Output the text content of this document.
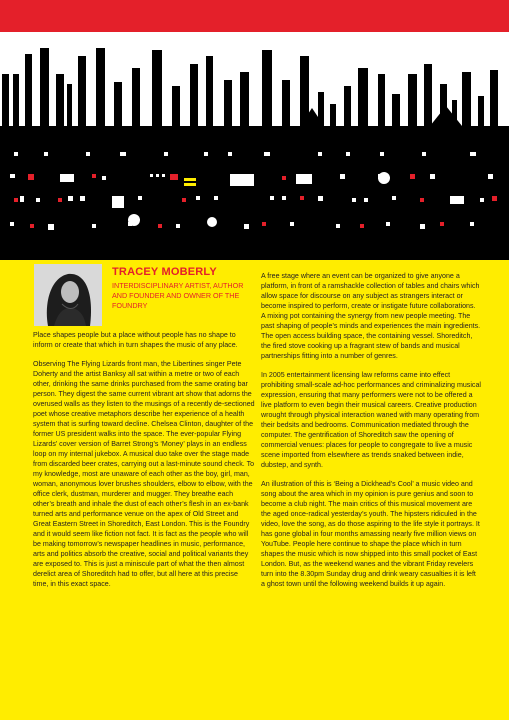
TRACEY MOBERLY
INTERDISCIPLINARY ARTIST, AUTHOR AND FOUNDER AND OWNER OF THE FOUNDRY

Place shapes people but a place without people has no shape to inform or create that which in turn shapes the music of any place.

Observing The Flying Lizards front man, the Libertines singer Pete Doherty and the artist Banksy all sat within a metre or two of each other, drinking the same drinks purchased from the same orating bar person. They digest the same current vibrant art show that adorns the overused walls as they listen to the musings of a recently de-sectioned poet whose creative metaphors describe her experience of a health system that is surfing toward decline. Chelsea Clinton, daughter of the former US president walks into the space. The ever-popular Flying Lizards’ cover version of Barret Strong’s ‘Money’ plays in an endless loop on my internal jukebox. A musical duo take over the stage made from discarded beer crates, carrying out a last-minute sound check. To my knowledge, most are unaware of each other as the boy, girl, man, woman, anonymous lover brushes shoulders, elbow to elbow, with the office clerk, dustman, murderer and mugger. They breathe each other’s breath and inhale the dust of each other’s flesh in an ex-bank turned arts and performance venue on the apex of Old Street and Great Eastern Street in Shoreditch, East London. This is the Foundry and it would seem like fiction not fact. It is fact as the people who will be making tomorrow’s newspaper headlines in music, performance, arts and politics absorb the creative, social and political variants they are exposed to. This is just a miniscule part of what the then almost derelict area of Shoreditch had to offer, but all here at this precise time, in this exact space.

A free stage where an event can be organized to give anyone a platform, in front of a ramshackle collection of tables and chairs which allow space for discourse on any subject as strangers interact or become inspired to perform, create or instigate future collaborations. A mixing pot containing the synergy from new people meeting. The past shaping of people’s minds and experiences the main ingredients. The open access building space, the containing vessel. Shoreditch, the fired stove cooking up a fragrant stew of bands and musical partnerships fitting into a number of genres.

In 2005 entertainment licensing law reforms came into effect prohibiting small-scale ad-hoc performances and criminalizing musical expression, ensuring that many performers were not to be offered a live platform to even begin their musical careers. Creative production wrought through physical interaction waned with many operating from their bedsits and bedrooms. Communication mediated through the computer. The gentrification of Shoreditch saw the opening of commercial venues: places for people to congregate to live a music scene imported from elsewhere as trends snaked between indie, dubstep, and synth.

An illustration of this is ‘Being a Dickhead’s Cool’ a music video and song about the area which in my opinion is pure genius and soon to become a club night. The main critics of this musical movement are the aged once-radical yesterday’s youth. The hipsters ridiculed in the video, love the song, as do those aspiring to the life style it portrays. It has gone global in four months amassing nearly five million views on YouTube. People here continue to shape the place which in turn shapes the music which is now shipped into this small pocket of East London. But, as the weekend wanes and the vibrant Friday revelers turn into the 8.30pm Sunday drug and drink weary casualties it is left a ghost town until the following weekend builds it up again.
